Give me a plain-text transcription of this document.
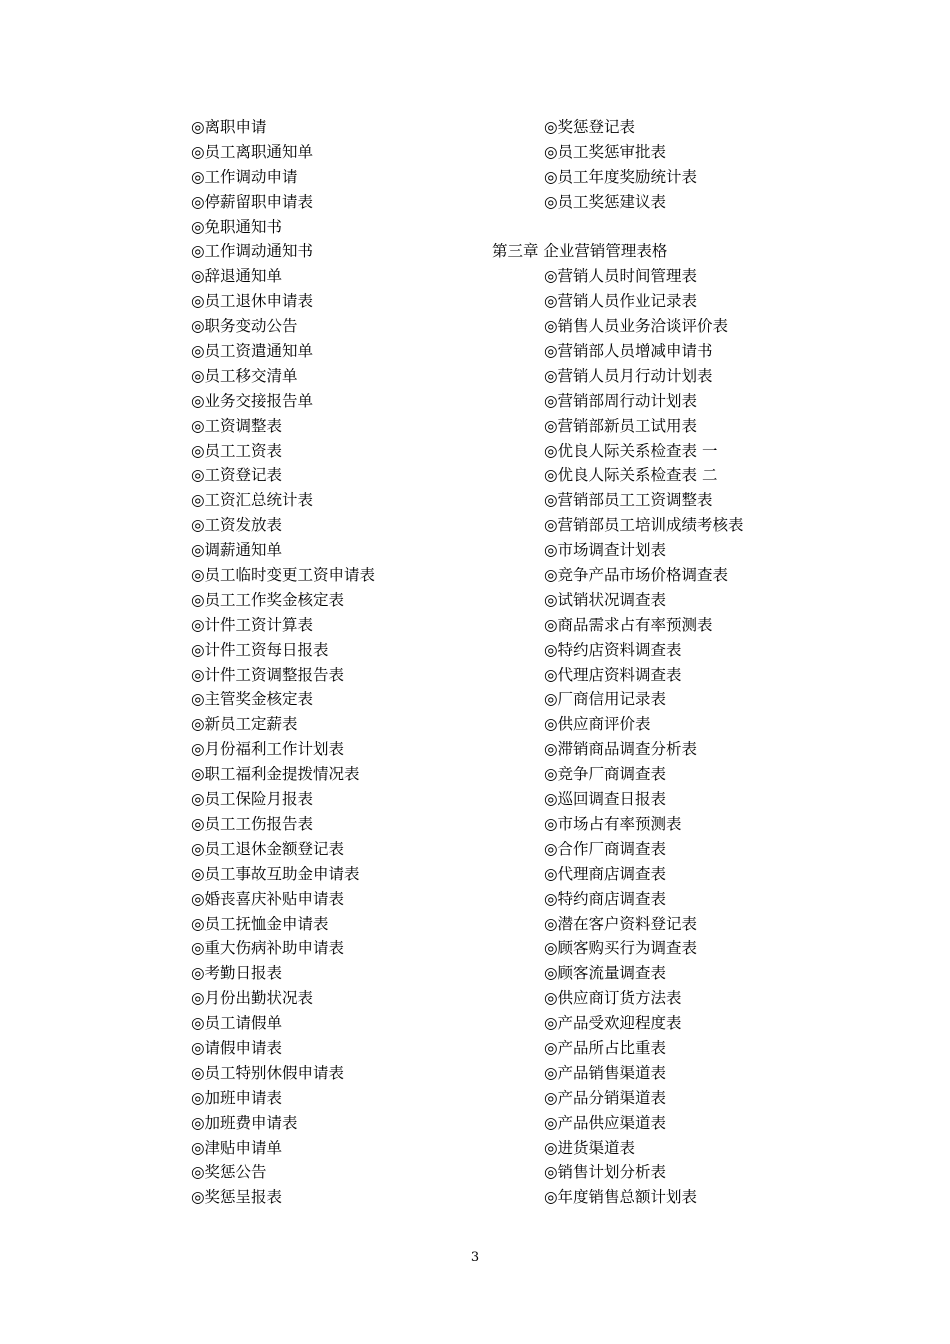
◎离职申请
◎员工离职通知单
◎工作调动申请
◎停薪留职申请表
◎免职通知书
◎工作调动通知书
◎辞退通知单
◎员工退休申请表
◎职务变动公告
◎员工资遣通知单
◎员工移交清单
◎业务交接报告单
◎工资调整表
◎员工工资表
◎工资登记表
◎工资汇总统计表
◎工资发放表
◎调薪通知单
◎员工临时变更工资申请表
◎员工工作奖金核定表
◎计件工资计算表
◎计件工资每日报表
◎计件工资调整报告表
◎主管奖金核定表
◎新员工定薪表
◎月份福利工作计划表
◎职工福利金提拨情况表
◎员工保险月报表
◎员工工伤报告表
◎员工退休金额登记表
◎员工事故互助金申请表
◎婚丧喜庆补贴申请表
◎员工抚恤金申请表
◎重大伤病补助申请表
◎考勤日报表
◎月份出勤状况表
◎员工请假单
◎请假申请表
◎员工特别休假申请表
◎加班申请表
◎加班费申请表
◎津贴申请单
◎奖惩公告
◎奖惩呈报表
◎奖惩登记表
◎员工奖惩审批表
◎员工年度奖励统计表
◎员工奖惩建议表
第三章 企业营销管理表格
◎营销人员时间管理表
◎营销人员作业记录表
◎销售人员业务洽谈评价表
◎营销部人员增减申请书
◎营销人员月行动计划表
◎营销部周行动计划表
◎营销部新员工试用表
◎优良人际关系检查表 一
◎优良人际关系检查表 二
◎营销部员工工资调整表
◎营销部员工培训成绩考核表
◎市场调查计划表
◎竞争产品市场价格调查表
◎试销状况调查表
◎商品需求占有率预测表
◎特约店资料调查表
◎代理店资料调查表
◎厂商信用记录表
◎供应商评价表
◎滞销商品调查分析表
◎竞争厂商调查表
◎巡回调查日报表
◎市场占有率预测表
◎合作厂商调查表
◎代理商店调查表
◎特约商店调查表
◎潜在客户资料登记表
◎顾客购买行为调查表
◎顾客流量调查表
◎供应商订货方法表
◎产品受欢迎程度表
◎产品所占比重表
◎产品销售渠道表
◎产品分销渠道表
◎产品供应渠道表
◎进货渠道表
◎销售计划分析表
◎年度销售总额计划表
3
